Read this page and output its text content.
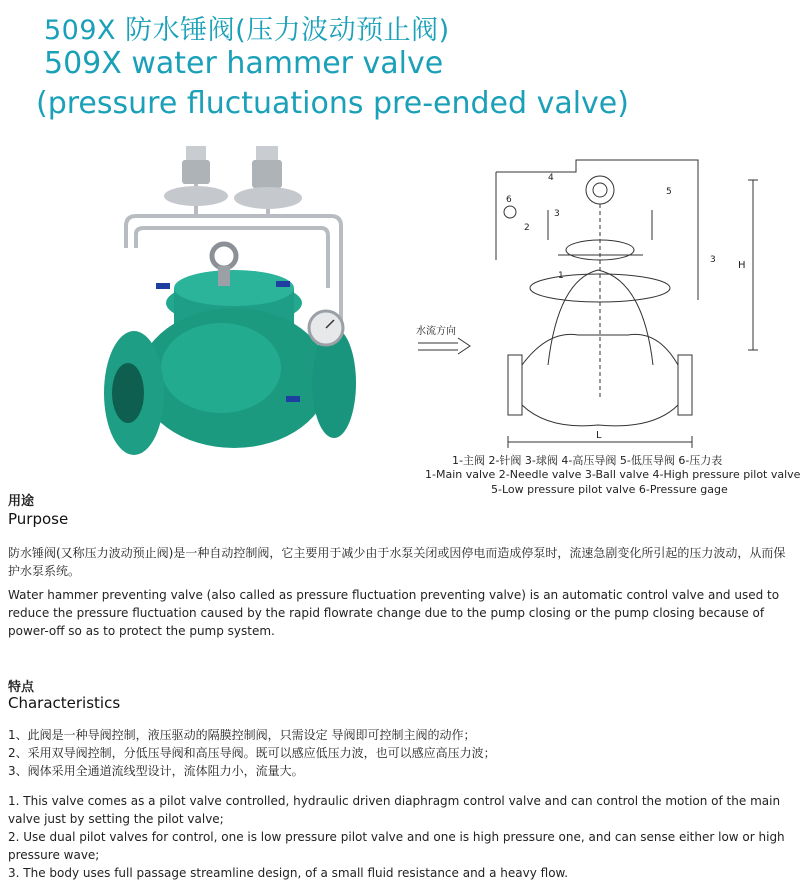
509X 防水锤阀(压力波动预止阀)
509X water hammer valve
(pressure fluctuations pre-ended valve)
水流方向
H
L
1
2
3
4
5
6
3
1-主阀 2-针阀 3-球阀 4-高压导阀 5-低压导阀 6-压力表
1-Main valve 2-Needle valve 3-Ball valve 4-High pressure pilot valve
5-Low pressure pilot valve 6-Pressure gage
用途
Purpose
防水锤阀(又称压力波动预止阀)是一种自动控制阀，它主要用于减少由于水泵关闭或因停电而造成停泵时，流速急剧变化所引起的压力波动，从而保护水泵系统。
Water hammer preventing valve (also called as pressure fluctuation preventing valve) is an automatic control valve and used to reduce the pressure fluctuation caused by the rapid flowrate change due to the pump closing or the pump closing because of power-off so as to protect the pump system.
特点
Characteristics

1、此阀是一种导阀控制，液压驱动的隔膜控制阀，只需设定 导阀即可控制主阀的动作；

2、采用双导阀控制，分低压导阀和高压导阀。既可以感应低压力波，也可以感应高压力波；

3、阀体采用全通道流线型设计，流体阻力小，流量大。

1. This valve comes as a pilot valve controlled, hydraulic driven diaphragm control valve and can control the motion of the main valve just by setting the pilot valve;

2. Use dual pilot valves for control, one is low pressure pilot valve and one is high pressure one, and can sense either low or high pressure wave;

3. The body uses full passage streamline design, of a small fluid resistance and a heavy flow.
